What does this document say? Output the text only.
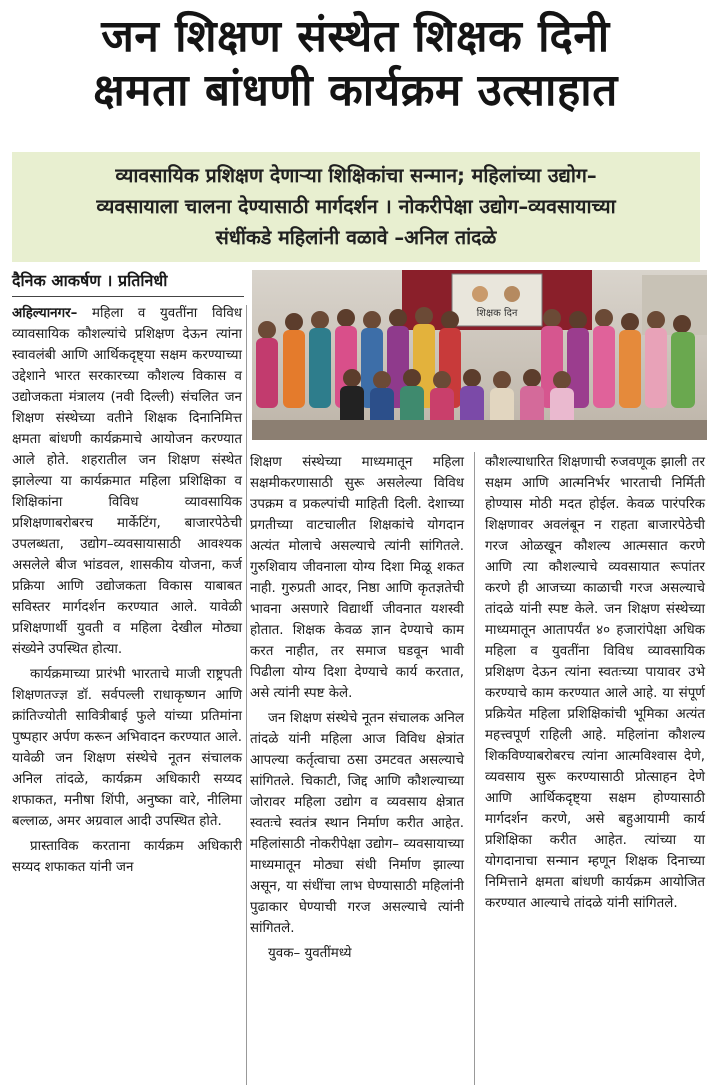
जन शिक्षण संस्थेत शिक्षक दिनी
क्षमता बांधणी कार्यक्रम उत्साहात
व्यावसायिक प्रशिक्षण देणाऱ्या शिक्षिकांचा सन्मान; महिलांच्या उद्योग–
व्यवसायाला चालना देण्यासाठी मार्गदर्शन । नोकरीपेक्षा उद्योग–व्यवसायाच्या
संधींकडे महिलांनी वळावे –अनिल तांदळे
दैनिक आकर्षण । प्रतिनिधी
शिक्षक दिन

अहिल्यानगर– महिला व युवतींना विविध व्यावसायिक कौशल्यांचे प्रशिक्षण देऊन त्यांना स्वावलंबी आणि आर्थिकदृष्ट्या सक्षम करण्याच्या उद्देशाने भारत सरकारच्या कौशल्य विकास व उद्योजकता मंत्रालय (नवी दिल्ली) संचलित जन शिक्षण संस्थेच्या वतीने शिक्षक दिनानिमित्त क्षमता बांधणी कार्यक्रमाचे आयोजन करण्यात आले होते. शहरातील जन शिक्षण संस्थेत झालेल्या या कार्यक्रमात महिला प्रशिक्षिका व शिक्षिकांना विविध व्यावसायिक प्रशिक्षणाबरोबरच मार्केटिंग, बाजारपेठेची उपलब्धता, उद्योग–व्यवसायासाठी आवश्यक असलेले बीज भांडवल, शासकीय योजना, कर्ज प्रक्रिया आणि उद्योजकता विकास याबाबत सविस्तर मार्गदर्शन करण्यात आले. यावेळी प्रशिक्षणार्थी युवती व महिला देखील मोठ्या संख्येने उपस्थित होत्या.

कार्यक्रमाच्या प्रारंभी भारताचे माजी राष्ट्रपती शिक्षणतज्ज्ञ डॉ. सर्वपल्ली राधाकृष्णन आणि क्रांतिज्योती सावित्रीबाई फुले यांच्या प्रतिमांना पुष्पहार अर्पण करून अभिवादन करण्यात आले. यावेळी जन शिक्षण संस्थेचे नूतन संचालक अनिल तांदळे, कार्यक्रम अधिकारी सय्यद शफाकत, मनीषा शिंपी, अनुष्का वारे, नीलिमा बल्लाळ, अमर अग्रवाल आदी उपस्थित होते.

प्रास्ताविक करताना कार्यक्रम अधिकारी सय्यद शफाकत यांनी जन

शिक्षण संस्थेच्या माध्यमातून महिला सक्षमीकरणासाठी सुरू असलेल्या विविध उपक्रम व प्रकल्पांची माहिती दिली. देशाच्या प्रगतीच्या वाटचालीत शिक्षकांचे योगदान अत्यंत मोलाचे असल्याचे त्यांनी सांगितले. गुरुशिवाय जीवनाला योग्य दिशा मिळू शकत नाही. गुरुप्रती आदर, निष्ठा आणि कृतज्ञतेची भावना असणारे विद्यार्थी जीवनात यशस्वी होतात. शिक्षक केवळ ज्ञान देण्याचे काम करत नाहीत, तर समाज घडवून भावी पिढीला योग्य दिशा देण्याचे कार्य करतात, असे त्यांनी स्पष्ट केले.

जन शिक्षण संस्थेचे नूतन संचालक अनिल तांदळे यांनी महिला आज विविध क्षेत्रांत आपल्या कर्तृत्वाचा ठसा उमटवत असल्याचे सांगितले. चिकाटी, जिद्द आणि कौशल्याच्या जोरावर महिला उद्योग व व्यवसाय क्षेत्रात स्वतःचे स्वतंत्र स्थान निर्माण करीत आहेत. महिलांसाठी नोकरीपेक्षा उद्योग– व्यवसायाच्या माध्यमातून मोठ्या संधी निर्माण झाल्या असून, या संधींचा लाभ घेण्यासाठी महिलांनी पुढाकार घेण्याची गरज असल्याचे त्यांनी सांगितले.

युवक– युवतींमध्ये

कौशल्याधारित शिक्षणाची रुजवणूक झाली तर सक्षम आणि आत्मनिर्भर भारताची निर्मिती होण्यास मोठी मदत होईल. केवळ पारंपरिक शिक्षणावर अवलंबून न राहता बाजारपेठेची गरज ओळखून कौशल्य आत्मसात करणे आणि त्या कौशल्याचे व्यवसायात रूपांतर करणे ही आजच्या काळाची गरज असल्याचे तांदळे यांनी स्पष्ट केले. जन शिक्षण संस्थेच्या माध्यमातून आतापर्यंत ४० हजारांपेक्षा अधिक महिला व युवतींना विविध व्यावसायिक प्रशिक्षण देऊन त्यांना स्वतःच्या पायावर उभे करण्याचे काम करण्यात आले आहे. या संपूर्ण प्रक्रियेत महिला प्रशिक्षिकांची भूमिका अत्यंत महत्त्वपूर्ण राहिली आहे. महिलांना कौशल्य शिकविण्याबरोबरच त्यांना आत्मविश्वास देणे, व्यवसाय सुरू करण्यासाठी प्रोत्साहन देणे आणि आर्थिकदृष्ट्या सक्षम होण्यासाठी मार्गदर्शन करणे, असे बहुआयामी कार्य प्रशिक्षिका करीत आहेत. त्यांच्या या योगदानाचा सन्मान म्हणून शिक्षक दिनाच्या निमित्ताने क्षमता बांधणी कार्यक्रम आयोजित करण्यात आल्याचे तांदळे यांनी सांगितले.
